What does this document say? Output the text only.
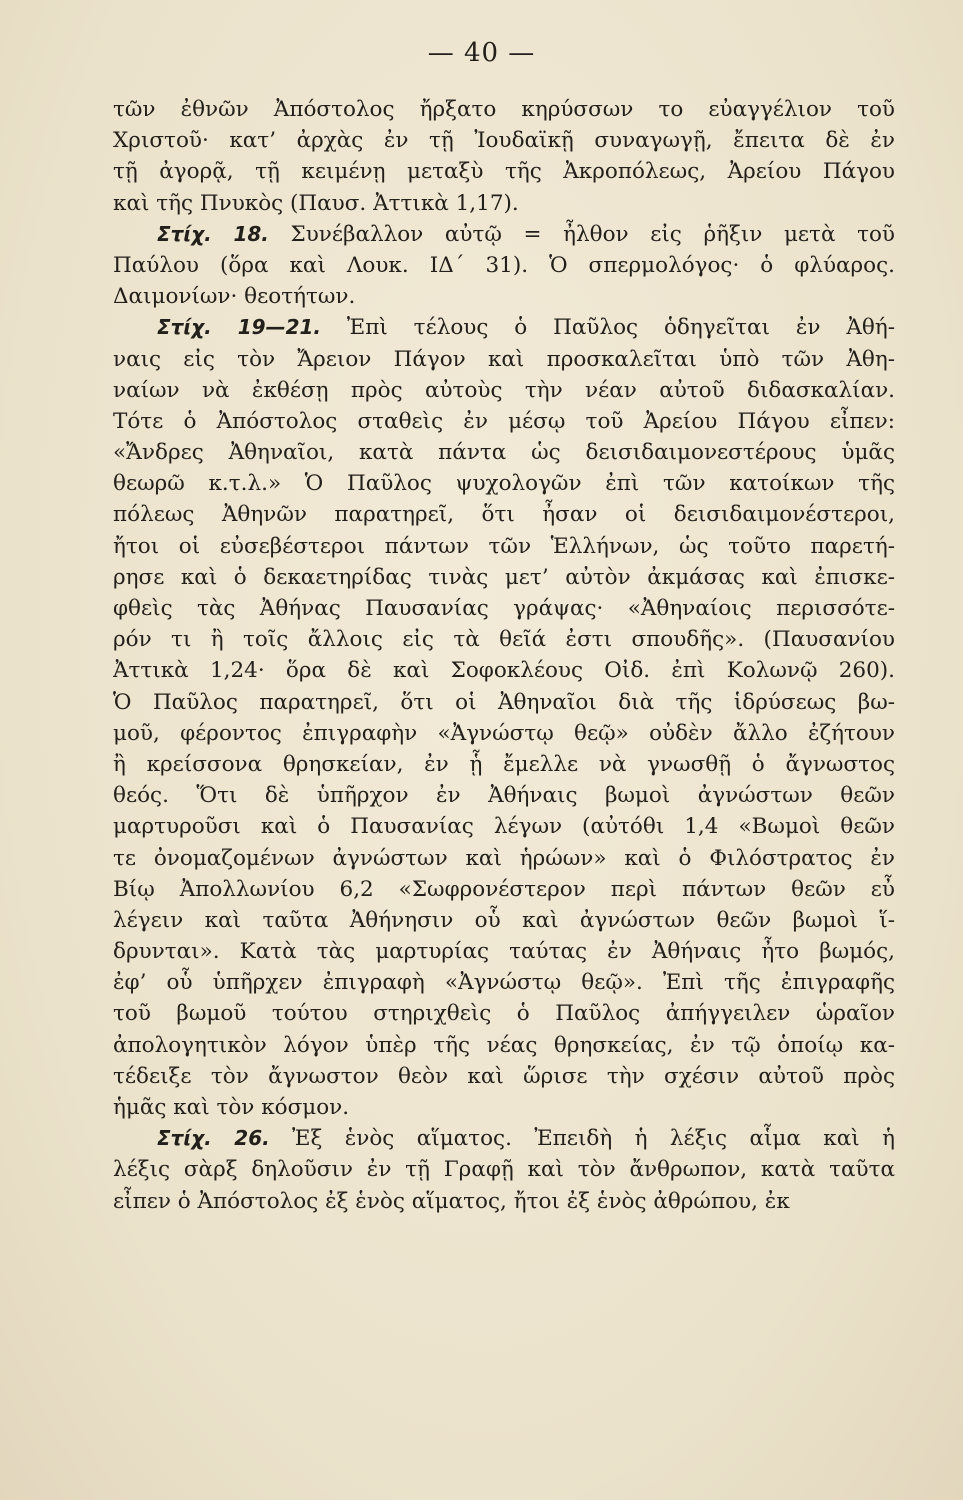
— 40 —
τῶν ἐθνῶν Ἀπόστολος ἤρξατο κηρύσσων το εὐαγγέλιον τοῦ
Χριστοῦ· κατ’ ἀρχὰς ἐν τῇ Ἰουδαϊκῇ συναγωγῇ, ἔπειτα δὲ ἐν
τῇ ἀγορᾷ, τῇ κειμένῃ μεταξὺ τῆς Ἀκροπόλεως, Ἀρείου Πάγου
καὶ τῆς Πνυκὸς (Παυσ. Ἀττικὰ 1,17).
Στίχ. 18. Συνέβαλλον αὐτῷ = ἦλθον εἰς ῥῆξιν μετὰ τοῦ
Παύλου (ὅρα καὶ Λουκ. ΙΔ΄ 31). Ὁ σπερμολόγος· ὁ φλύαρος.
Δαιμονίων· θεοτήτων.
Στίχ. 19—21. Ἐπὶ τέλους ὁ Παῦλος ὁδηγεῖται ἐν Ἀθή-
ναις εἰς τὸν Ἄρειον Πάγον καὶ προσκαλεῖται ὑπὸ τῶν Ἀθη-
ναίων νὰ ἐκθέσῃ πρὸς αὐτοὺς τὴν νέαν αὐτοῦ διδασκαλίαν.
Τότε ὁ Ἀπόστολος σταθεὶς ἐν μέσῳ τοῦ Ἀρείου Πάγου εἶπεν:
«Ἄνδρες Ἀθηναῖοι, κατὰ πάντα ὡς δεισιδαιμονεστέρους ὑμᾶς
θεωρῶ κ.τ.λ.» Ὁ Παῦλος ψυχολογῶν ἐπὶ τῶν κατοίκων τῆς
πόλεως Ἀθηνῶν παρατηρεῖ, ὅτι ἦσαν οἱ δεισιδαιμονέστεροι,
ἤτοι οἱ εὐσεβέστεροι πάντων τῶν Ἑλλήνων, ὡς τοῦτο παρετή-
ρησε καὶ ὁ δεκαετηρίδας τινὰς μετ’ αὐτὸν ἀκμάσας καὶ ἐπισκε-
φθεὶς τὰς Ἀθήνας Παυσανίας γράψας· «Ἀθηναίοις περισσότε-
ρόν τι ἢ τοῖς ἄλλοις εἰς τὰ θεῖά ἐστι σπουδῆς». (Παυσανίου
Ἀττικὰ 1,24· ὅρα δὲ καὶ Σοφοκλέους Οἰδ. ἐπὶ Κολωνῷ 260).
Ὁ Παῦλος παρατηρεῖ, ὅτι οἱ Ἀθηναῖοι διὰ τῆς ἱδρύσεως βω-
μοῦ, φέροντος ἐπιγραφὴν «Ἀγνώστῳ θεῷ» οὐδὲν ἄλλο ἐζήτουν
ἢ κρείσσονα θρησκείαν, ἐν ᾗ ἔμελλε νὰ γνωσθῇ ὁ ἄγνωστος
θεός. Ὅτι δὲ ὑπῆρχον ἐν Ἀθήναις βωμοὶ ἀγνώστων θεῶν
μαρτυροῦσι καὶ ὁ Παυσανίας λέγων (αὐτόθι 1,4 «Βωμοὶ θεῶν
τε ὀνομαζομένων ἀγνώστων καὶ ἡρώων» καὶ ὁ Φιλόστρατος ἐν
Βίῳ Ἀπολλωνίου 6,2 «Σωφρονέστερον περὶ πάντων θεῶν εὖ
λέγειν καὶ ταῦτα Ἀθήνησιν οὗ καὶ ἀγνώστων θεῶν βωμοὶ ἵ-
δρυνται». Κατὰ τὰς μαρτυρίας ταύτας ἐν Ἀθήναις ἦτο βωμός,
ἐφ’ οὗ ὑπῆρχεν ἐπιγραφὴ «Ἀγνώστῳ θεῷ». Ἐπὶ τῆς ἐπιγραφῆς
τοῦ βωμοῦ τούτου στηριχθεὶς ὁ Παῦλος ἀπήγγειλεν ὡραῖον
ἀπολογητικὸν λόγον ὑπὲρ τῆς νέας θρησκείας, ἐν τῷ ὁποίῳ κα-
τέδειξε τὸν ἄγνωστον θεὸν καὶ ὥρισε τὴν σχέσιν αὐτοῦ πρὸς
ἡμᾶς καὶ τὸν κόσμον.
Στίχ. 26. Ἐξ ἑνὸς αἵματος. Ἐπειδὴ ἡ λέξις αἷμα καὶ ἡ
λέξις σὰρξ δηλοῦσιν ἐν τῇ Γραφῇ καὶ τὸν ἄνθρωπον, κατὰ ταῦτα
εἶπεν ὁ Ἀπόστολος ἐξ ἑνὸς αἵματος, ἤτοι ἐξ ἑνὸς ἀθρώπου, ἐκ
